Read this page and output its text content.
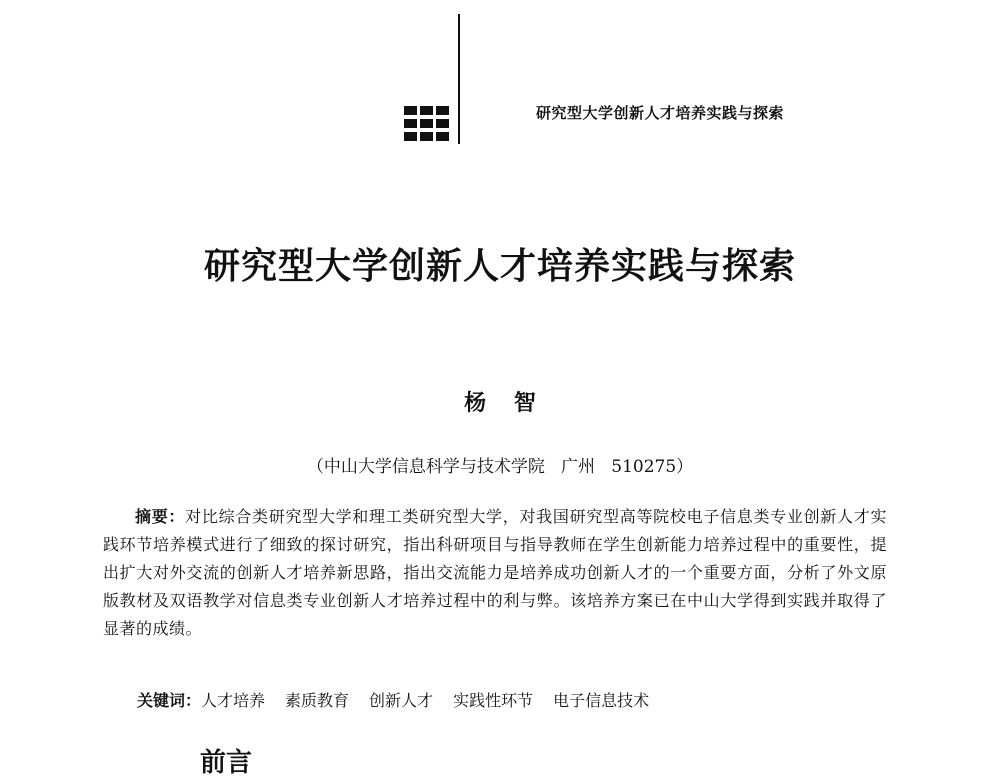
研究型大学创新人才培养实践与探索
研究型大学创新人才培养实践与探索
杨 智
（中山大学信息科学与技术学院   广州   510275）

摘要：对比综合类研究型大学和理工类研究型大学，对我国研究型高等院校电子信息类专业创新人才实践环节培养模式进行了细致的探讨研究，指出科研项目与指导教师在学生创新能力培养过程中的重要性，提出扩大对外交流的创新人才培养新思路，指出交流能力是培养成功创新人才的一个重要方面，分析了外文原版教材及双语教学对信息类专业创新人才培养过程中的利与弊。该培养方案已在中山大学得到实践并取得了显著的成绩。

关键词：人才培养 素质教育 创新人才 实践性环节 电子信息技术
前言
